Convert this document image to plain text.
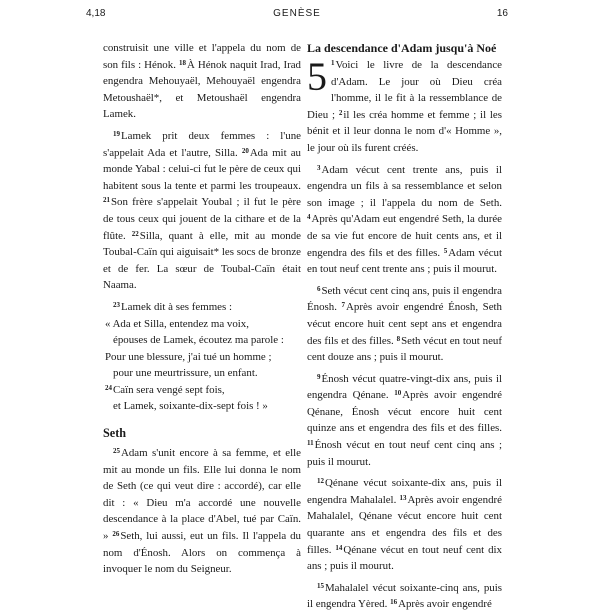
4,18	GENÈSE	16

construisit une ville et l'appela du nom de son fils : Hénok. $^{18}$À Hénok naquit Irad, Irad engendra Mehouyaël, Mehouyaël engendra Metoushaël*, et Metoushaël engendra Lamek.

$^{19}$Lamek prit deux femmes : l'une s'appelait Ada et l'autre, Silla. $^{20}$Ada mit au monde Yabal : celui-ci fut le père de ceux qui habitent sous la tente et parmi les troupeaux. $^{21}$Son frère s'appelait Youbal ; il fut le père de tous ceux qui jouent de la cithare et de la flûte. $^{22}$Silla, quant à elle, mit au monde Toubal-Caïn qui aiguisait* les socs de bronze et de fer. La sœur de Toubal-Caïn était Naama.

$^{23}$Lamek dit à ses femmes :

« Ada et Silla, entendez ma voix,

épouses de Lamek, écoutez ma parole :

Pour une blessure, j'ai tué un homme ;

pour une meurtrissure, un enfant.

$^{24}$Caïn sera vengé sept fois,

et Lamek, soixante-dix-sept fois ! »

Seth

$^{25}$Adam s'unit encore à sa femme, et elle mit au monde un fils. Elle lui donna le nom de Seth (ce qui veut dire : accordé), car elle dit : « Dieu m'a accordé une nouvelle descendance à la place d'Abel, tué par Caïn. » $^{26}$Seth, lui aussi, eut un fils. Il l'appela du nom d'Énosh. Alors on commença à invoquer le nom du Seigneur.

La descendance d'Adam jusqu'à Noé

5 $^1$Voici le livre de la descendance d'Adam. Le jour où Dieu créa l'homme, il le fit à la ressemblance de Dieu ; $^2$il les créa homme et femme ; il les bénit et il leur donna le nom d'« Homme », le jour où ils furent créés.

$^3$Adam vécut cent trente ans, puis il engendra un fils à sa ressemblance et selon son image ; il l'appela du nom de Seth. $^4$Après qu'Adam eut engendré Seth, la durée de sa vie fut encore de huit cents ans, et il engendra des fils et des filles. $^5$Adam vécut en tout neuf cent trente ans ; puis il mourut.

$^6$Seth vécut cent cinq ans, puis il engendra Énosh. $^7$Après avoir engendré Énosh, Seth vécut encore huit cent sept ans et engendra des fils et des filles. $^8$Seth vécut en tout neuf cent douze ans ; puis il mourut.

$^9$Énosh vécut quatre-vingt-dix ans, puis il engendra Qénane. $^{10}$Après avoir engendré Qénane, Énosh vécut encore huit cent quinze ans et engendra des fils et des filles. $^{11}$Énosh vécut en tout neuf cent cinq ans ; puis il mourut.

$^{12}$Qénane vécut soixante-dix ans, puis il engendra Mahalalel. $^{13}$Après avoir engendré Mahalalel, Qénane vécut encore huit cent quarante ans et engendra des fils et des filles. $^{14}$Qénane vécut en tout neuf cent dix ans ; puis il mourut.

$^{15}$Mahalalel vécut soixante-cinq ans, puis il engendra Yèred. $^{16}$Après avoir engendré
